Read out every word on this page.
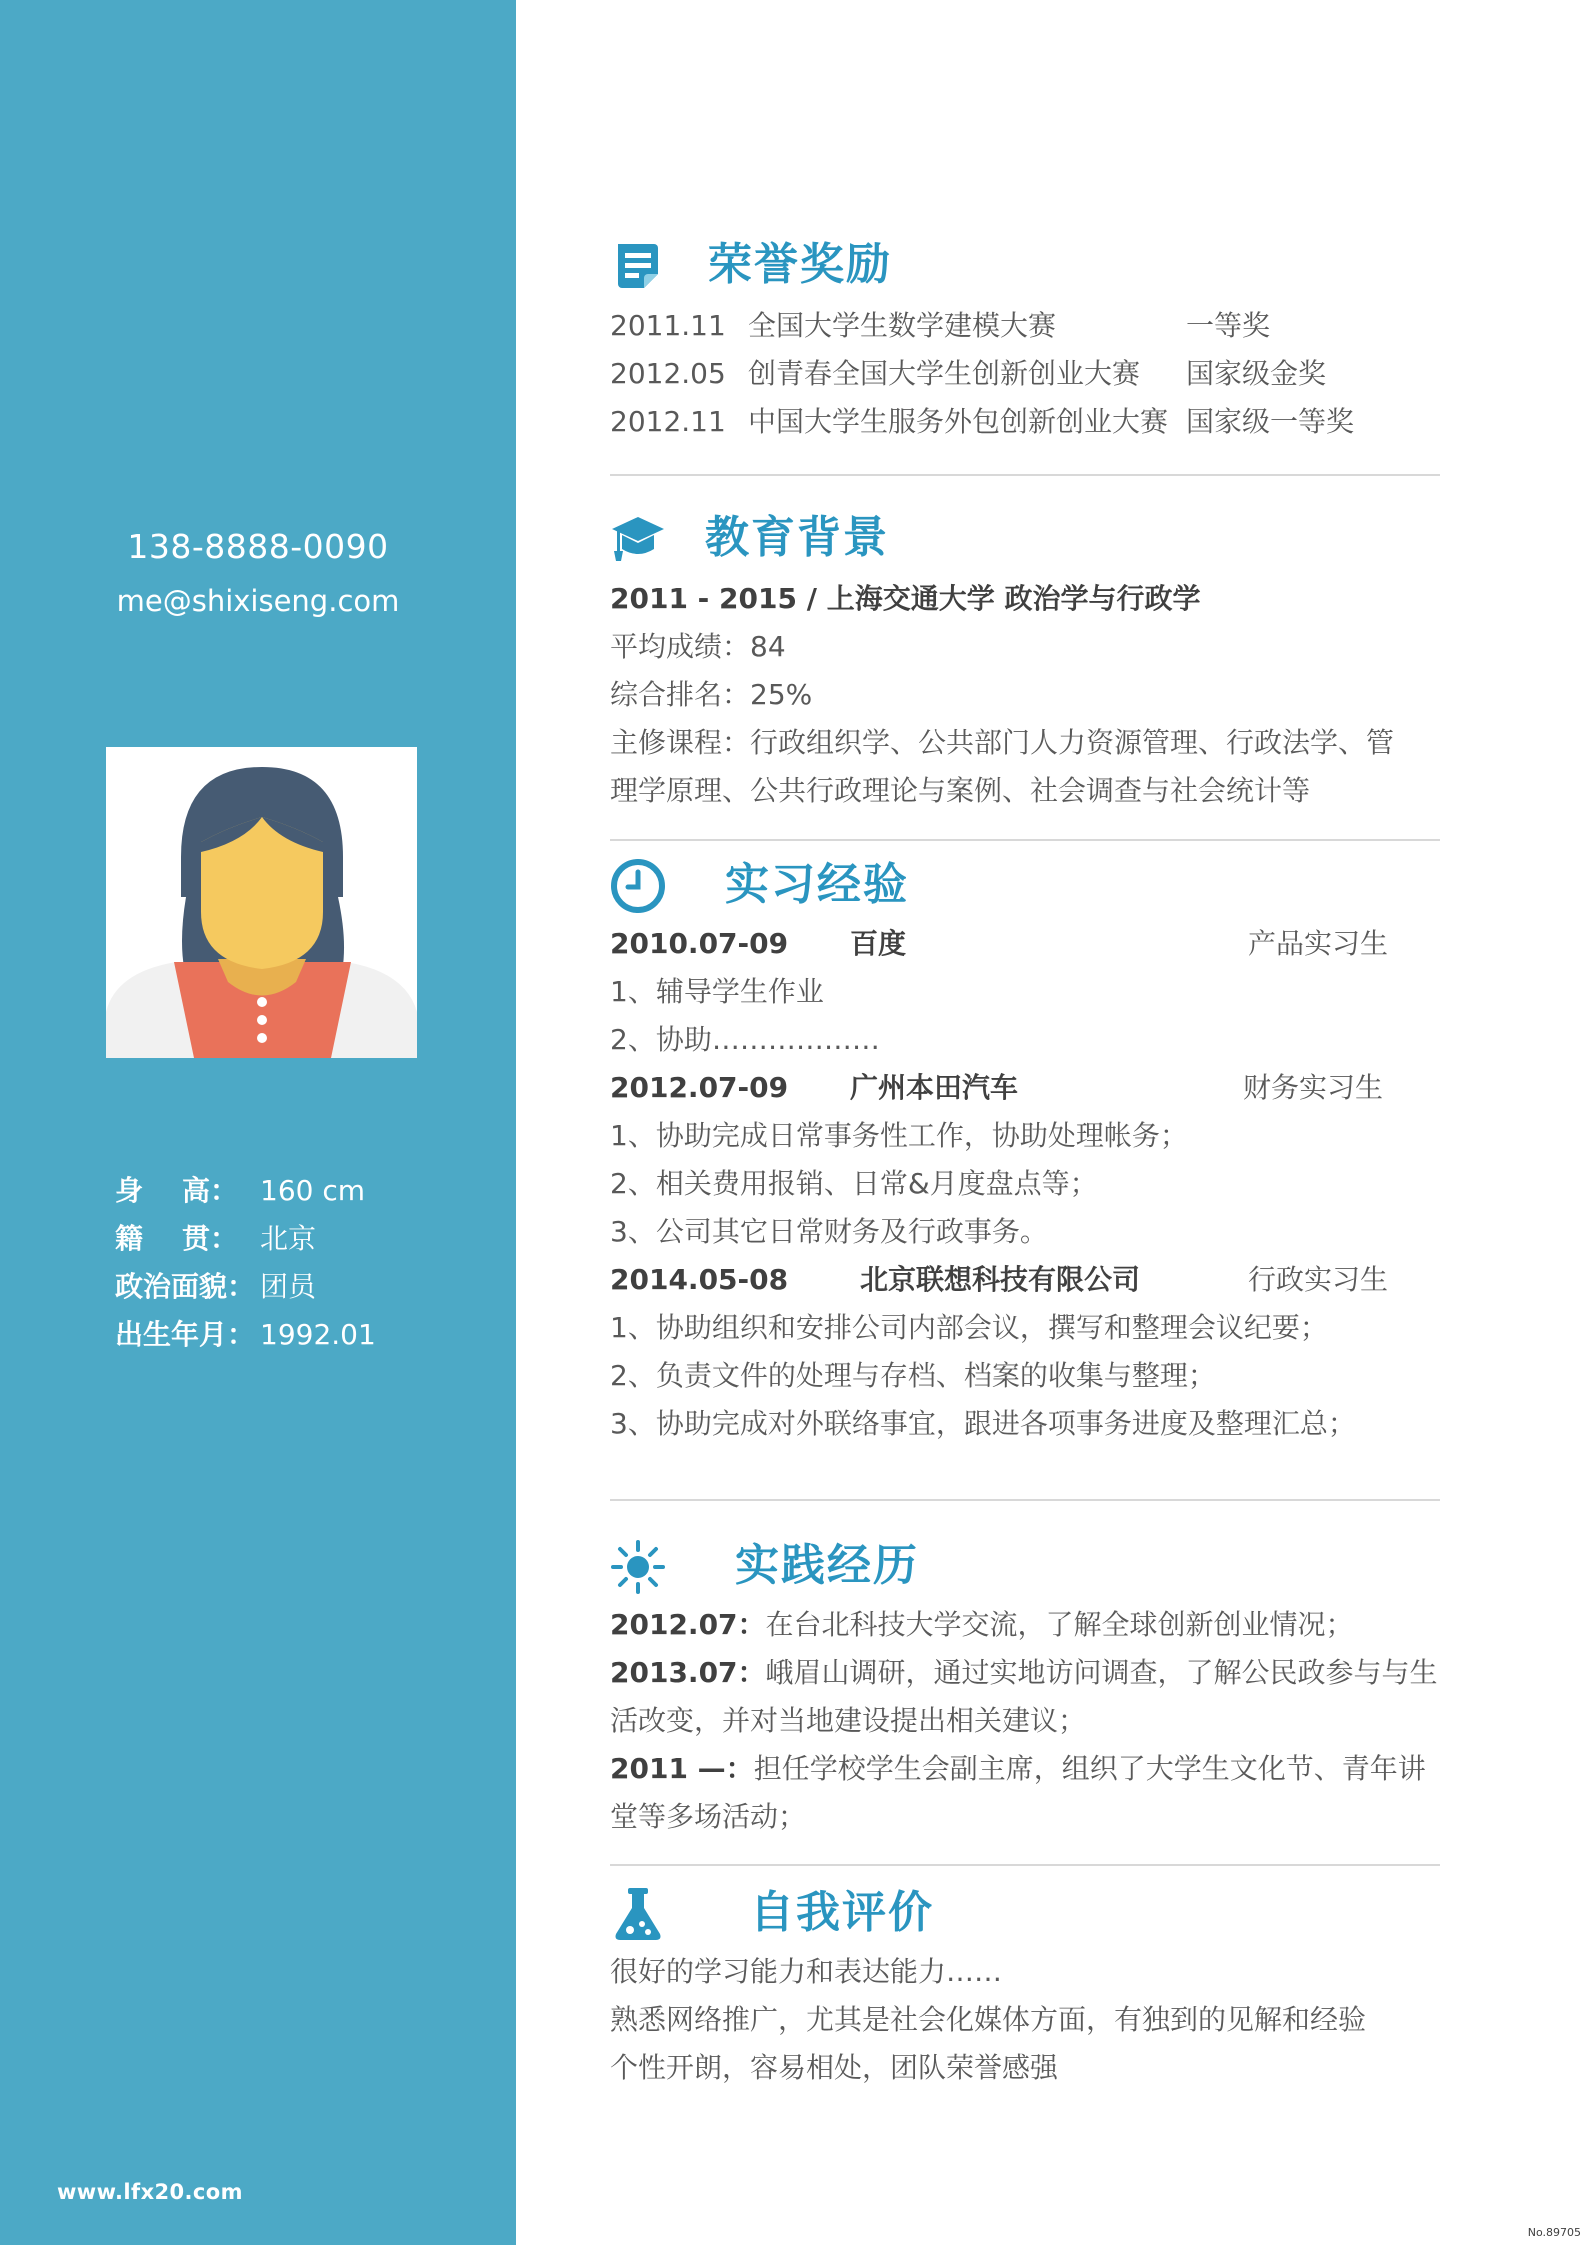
138-8888-0090
me@shixiseng.com
身    高： 160 cm
籍    贯： 北京
政治面貌： 团员
出生年月： 1992.01
www.lfx20.com
荣誉奖励
2011.11 全国大学生数学建模大赛	一等奖
2012.05 创青春全国大学生创新创业大赛 国家级金奖
2012.11 中国大学生服务外包创新创业大赛 国家级一等奖
教育背景
2011 - 2015 / 上海交通大学 政治学与行政学
平均成绩：84
综合排名：25%
主修课程：行政组织学、公共部门人力资源管理、行政法学、管
理学原理、公共行政理论与案例、社会调查与社会统计等
实习经验
2010.07-09 百度	产品实习生
1、辅导学生作业
2、协助………………
2012.07-09 广州本田汽车	财务实习生
1、协助完成日常事务性工作，协助处理帐务；
2、相关费用报销、日常&月度盘点等；
3、公司其它日常财务及行政事务。
2014.05-08	北京联想科技有限公司	行政实习生
1、协助组织和安排公司内部会议，撰写和整理会议纪要；
2、负责文件的处理与存档、档案的收集与整理；
3、协助完成对外联络事宜，跟进各项事务进度及整理汇总；
实践经历
2012.07：在台北科技大学交流，了解全球创新创业情况；
2013.07：峨眉山调研，通过实地访问调查，了解公民政参与与生
活改变，并对当地建设提出相关建议；
2011 —：担任学校学生会副主席，组织了大学生文化节、青年讲
堂等多场活动；
自我评价
很好的学习能力和表达能力……
熟悉网络推广，尤其是社会化媒体方面，有独到的见解和经验
个性开朗，容易相处，团队荣誉感强
No.89705
